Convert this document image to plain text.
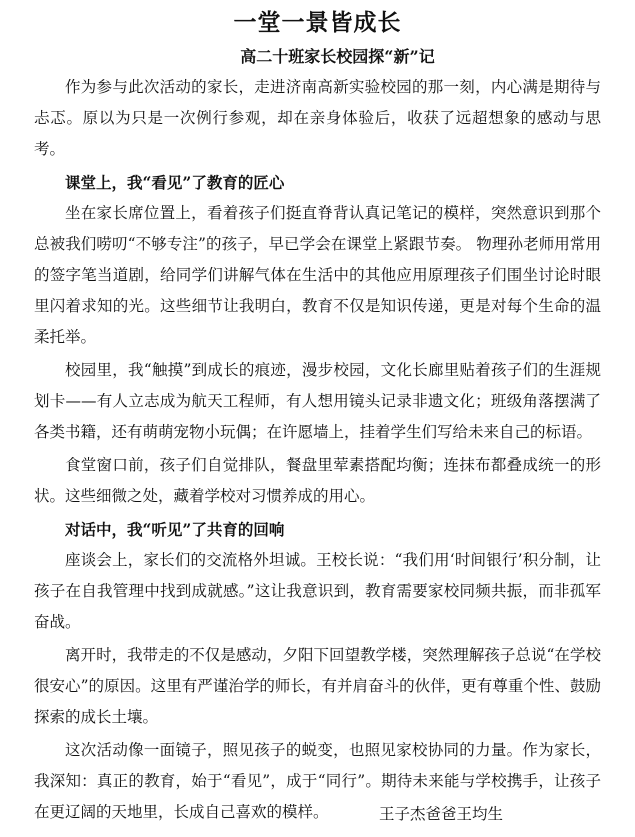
一堂一景皆成长
高二十班家长校园探“新”记

作为参与此次活动的家长，走进济南高新实验校园的那一刻，内心满是期待与忐忑。原以为只是一次例行参观，却在亲身体验后，收获了远超想象的感动与思考。

课堂上，我“看见”了教育的匠心

坐在家长席位置上，看着孩子们挺直脊背认真记笔记的模样，突然意识到那个总被我们唠叨“不够专注”的孩子，早已学会在课堂上紧跟节奏。 物理孙老师用常用的签字笔当道剧，给同学们讲解气体在生活中的其他应用原理孩子们围坐讨论时眼里闪着求知的光。这些细节让我明白，教育不仅是知识传递，更是对每个生命的温柔托举。

校园里，我“触摸”到成长的痕迹，漫步校园，文化长廊里贴着孩子们的生涯规划卡——有人立志成为航天工程师，有人想用镜头记录非遗文化；班级角落摆满了各类书籍，还有萌萌宠物小玩偶；在许愿墙上，挂着学生们写给未来自己的标语。

食堂窗口前，孩子们自觉排队，餐盘里荤素搭配均衡；连抹布都叠成统一的形状。这些细微之处，藏着学校对习惯养成的用心。

对话中，我“听见”了共育的回响

座谈会上，家长们的交流格外坦诚。王校长说：“我们用‘时间银行’积分制，让孩子在自我管理中找到成就感。”这让我意识到，教育需要家校同频共振，而非孤军奋战。

离开时，我带走的不仅是感动，夕阳下回望教学楼，突然理解孩子总说“在学校很安心”的原因。这里有严谨治学的师长，有并肩奋斗的伙伴，更有尊重个性、鼓励探索的成长土壤。

这次活动像一面镜子，照见孩子的蜕变，也照见家校协同的力量。作为家长，我深知：真正的教育，始于“看见”，成于“同行”。期待未来能与学校携手，让孩子在更辽阔的天地里，长成自己喜欢的模样。	王子杰爸爸王均生
